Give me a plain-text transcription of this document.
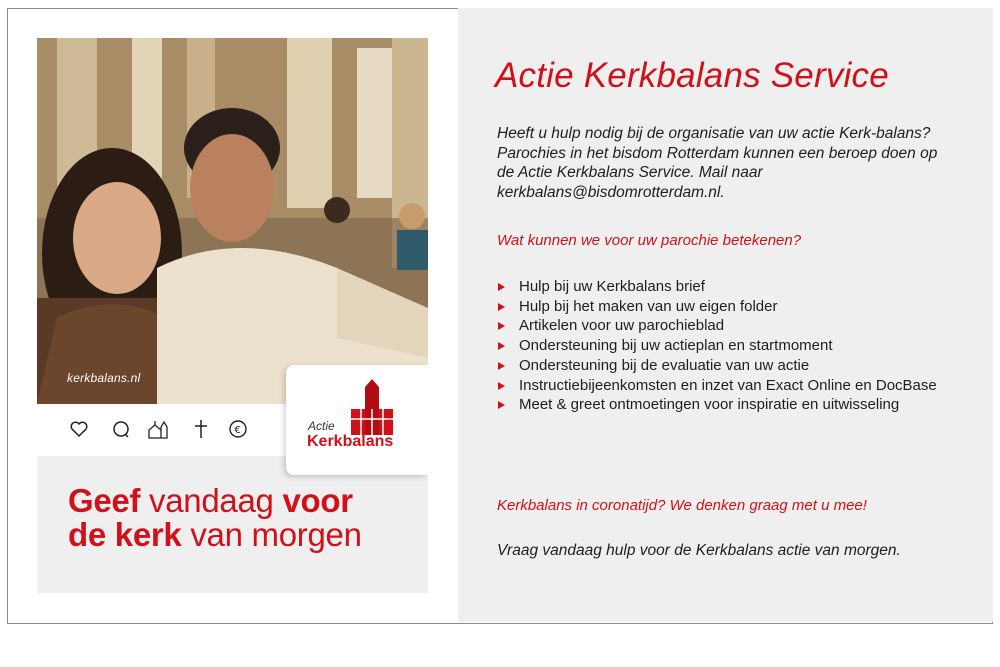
kerkbalans.nl
€	Actie
Kerkbalans
Geef vandaag voor
de kerk van morgen
Actie Kerkbalans Service
Heeft u hulp nodig bij de organisatie van uw actie Kerk-balans? Parochies in het bisdom Rotterdam kunnen een beroep doen op de Actie Kerkbalans Service. Mail naar kerkbalans@bisdomrotterdam.nl.
Wat kunnen we voor uw parochie betekenen?
Hulp bij uw Kerkbalans brief
Hulp bij het maken van uw eigen folder
Artikelen voor uw parochieblad
Ondersteuning bij uw actieplan en startmoment
Ondersteuning bij de evaluatie van uw actie
Instructiebijeenkomsten en inzet van Exact Online en DocBase
Meet & greet ontmoetingen voor inspiratie en uitwisseling
Kerkbalans in coronatijd? We denken graag met u mee!
Vraag vandaag hulp voor de Kerkbalans actie van morgen.
